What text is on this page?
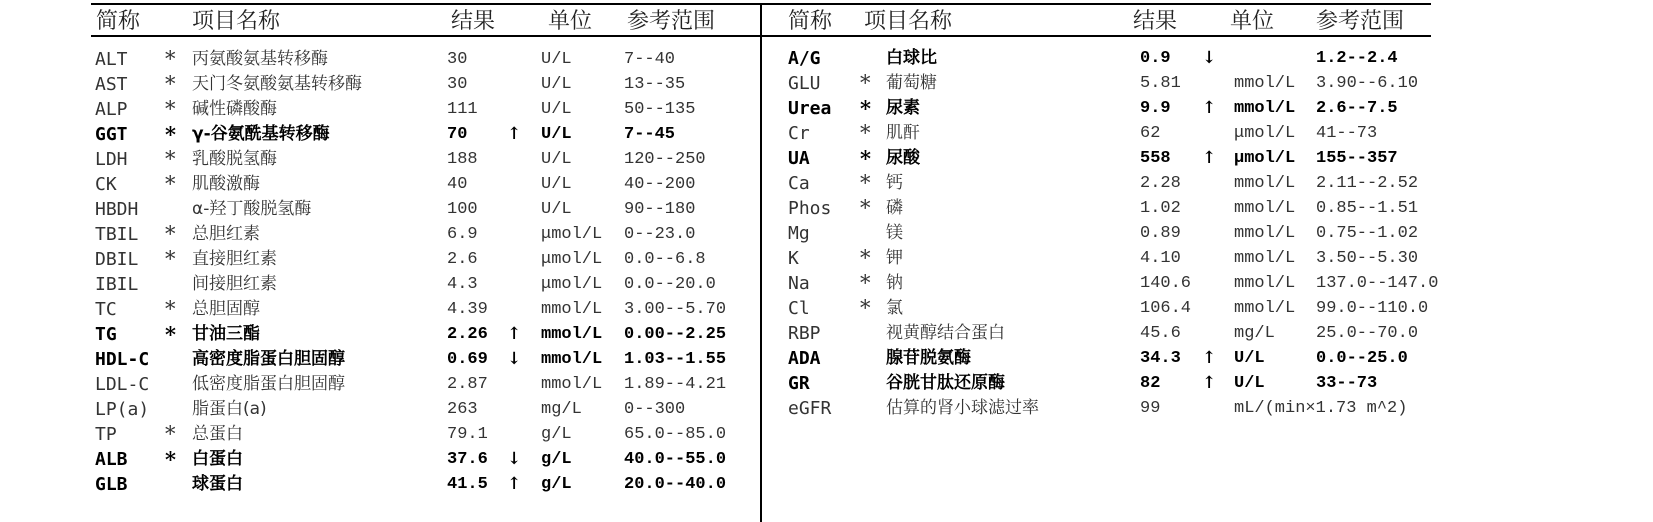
简称 项目名称	结果 单位 参考范围	简称 项目名称	结果 单位 参考范围
ALT * 丙氨酸氨基转移酶	30	U/L	7--40
AST * 天门冬氨酸氨基转移酶	30	U/L	13--35
ALP * 碱性磷酸酶	111	U/L	50--135
GGT * γ-谷氨酰基转移酶	70 ↑ U/L	7--45
LDH * 乳酸脱氢酶	188	U/L	120--250
CK * 肌酸激酶	40	U/L	40--200
HBDH	α-羟丁酸脱氢酶	100	U/L	90--180
TBIL * 总胆红素	6.9	μmol/L 0--23.0
DBIL * 直接胆红素	2.6	μmol/L 0.0--6.8
IBIL	间接胆红素	4.3	μmol/L 0.0--20.0
TC * 总胆固醇	4.39	mmol/L 3.00--5.70
TG * 甘油三酯	2.26 ↑ mmol/L 0.00--2.25
HDL-C	高密度脂蛋白胆固醇	0.69 ↓ mmol/L 1.03--1.55
LDL-C	低密度脂蛋白胆固醇	2.87	mmol/L 1.89--4.21
LP(a)	脂蛋白(a)	263	mg/L 0--300
TP * 总蛋白	79.1	g/L	65.0--85.0
ALB * 白蛋白	37.6 ↓ g/L	40.0--55.0
GLB	球蛋白	41.5 ↑ g/L	20.0--40.0
A/G	白球比	0.9 ↓	1.2--2.4
GLU * 葡萄糖	5.81	mmol/L 3.90--6.10
Urea * 尿素	9.9 ↑ mmol/L 2.6--7.5
Cr * 肌酐	62	μmol/L 41--73
UA * 尿酸	558 ↑ μmol/L 155--357
Ca * 钙	2.28	mmol/L 2.11--2.52
Phos * 磷	1.02	mmol/L 0.85--1.51
Mg	镁	0.89	mmol/L 0.75--1.02
K	* 钾	4.10	mmol/L 3.50--5.30
Na * 钠	140.6	mmol/L 137.0--147.0
Cl * 氯	106.4	mmol/L 99.0--110.0
RBP	视黄醇结合蛋白	45.6	mg/L 25.0--70.0
ADA	腺苷脱氨酶	34.3 ↑ U/L	0.0--25.0
GR	谷胱甘肽还原酶	82 ↑ U/L	33--73
eGFR	估算的肾小球滤过率	99	mL/(min×1.73 m^2)
